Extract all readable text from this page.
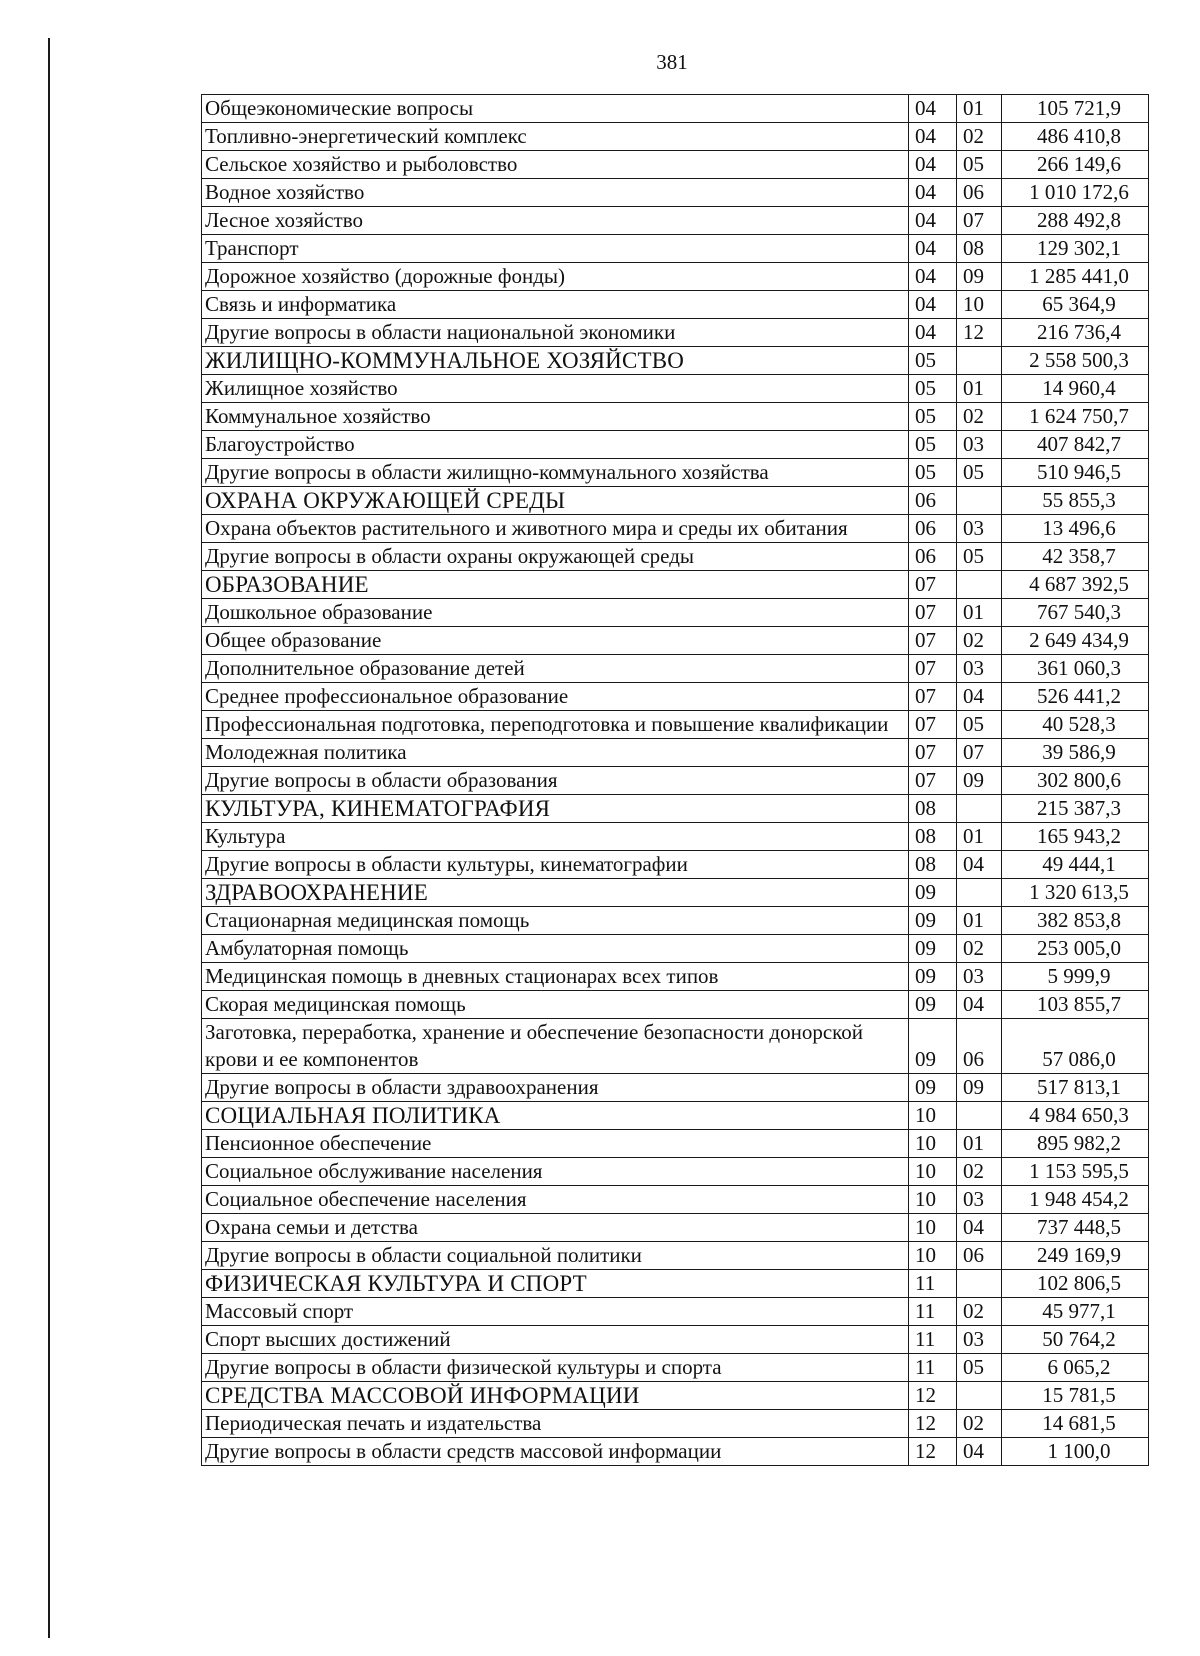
381
Общеэкономические вопросы	04	01	105 721,9
Топливно-энергетический комплекс	04	02	486 410,8
Сельское хозяйство и рыболовство	04	05	266 149,6
Водное хозяйство	04	06	1 010 172,6
Лесное хозяйство	04	07	288 492,8
Транспорт	04	08	129 302,1
Дорожное хозяйство (дорожные фонды)	04	09	1 285 441,0
Связь и информатика	04	10	65 364,9
Другие вопросы в области национальной экономики	04	12	216 736,4
ЖИЛИЩНО-КОММУНАЛЬНОЕ ХОЗЯЙСТВО	05		2 558 500,3
Жилищное хозяйство	05	01	14 960,4
Коммунальное хозяйство	05	02	1 624 750,7
Благоустройство	05	03	407 842,7
Другие вопросы в области жилищно-коммунального хозяйства	05	05	510 946,5
ОХРАНА ОКРУЖАЮЩЕЙ СРЕДЫ	06		55 855,3
Охрана объектов растительного и животного мира и среды их обитания	06	03	13 496,6
Другие вопросы в области охраны окружающей среды	06	05	42 358,7
ОБРАЗОВАНИЕ	07		4 687 392,5
Дошкольное образование	07	01	767 540,3
Общее образование	07	02	2 649 434,9
Дополнительное образование детей	07	03	361 060,3
Среднее профессиональное образование	07	04	526 441,2
Профессиональная подготовка, переподготовка и повышение квалификации	07	05	40 528,3
Молодежная политика	07	07	39 586,9
Другие вопросы в области образования	07	09	302 800,6
КУЛЬТУРА, КИНЕМАТОГРАФИЯ	08		215 387,3
Культура	08	01	165 943,2
Другие вопросы в области культуры, кинематографии	08	04	49 444,1
ЗДРАВООХРАНЕНИЕ	09		1 320 613,5
Стационарная медицинская помощь	09	01	382 853,8
Амбулаторная помощь	09	02	253 005,0
Медицинская помощь в дневных стационарах всех типов	09	03	5 999,9
Скорая медицинская помощь	09	04	103 855,7
Заготовка, переработка, хранение и обеспечение безопасности донорской крови и ее компонентов	09	06	57 086,0
Другие вопросы в области здравоохранения	09	09	517 813,1
СОЦИАЛЬНАЯ ПОЛИТИКА	10		4 984 650,3
Пенсионное обеспечение	10	01	895 982,2
Социальное обслуживание населения	10	02	1 153 595,5
Социальное обеспечение населения	10	03	1 948 454,2
Охрана семьи и детства	10	04	737 448,5
Другие вопросы в области социальной политики	10	06	249 169,9
ФИЗИЧЕСКАЯ КУЛЬТУРА И СПОРТ	11		102 806,5
Массовый спорт	11	02	45 977,1
Спорт высших достижений	11	03	50 764,2
Другие вопросы в области физической культуры и спорта	11	05	6 065,2
СРЕДСТВА МАССОВОЙ ИНФОРМАЦИИ	12		15 781,5
Периодическая печать и издательства	12	02	14 681,5
Другие вопросы в области средств массовой информации	12	04	1 100,0
